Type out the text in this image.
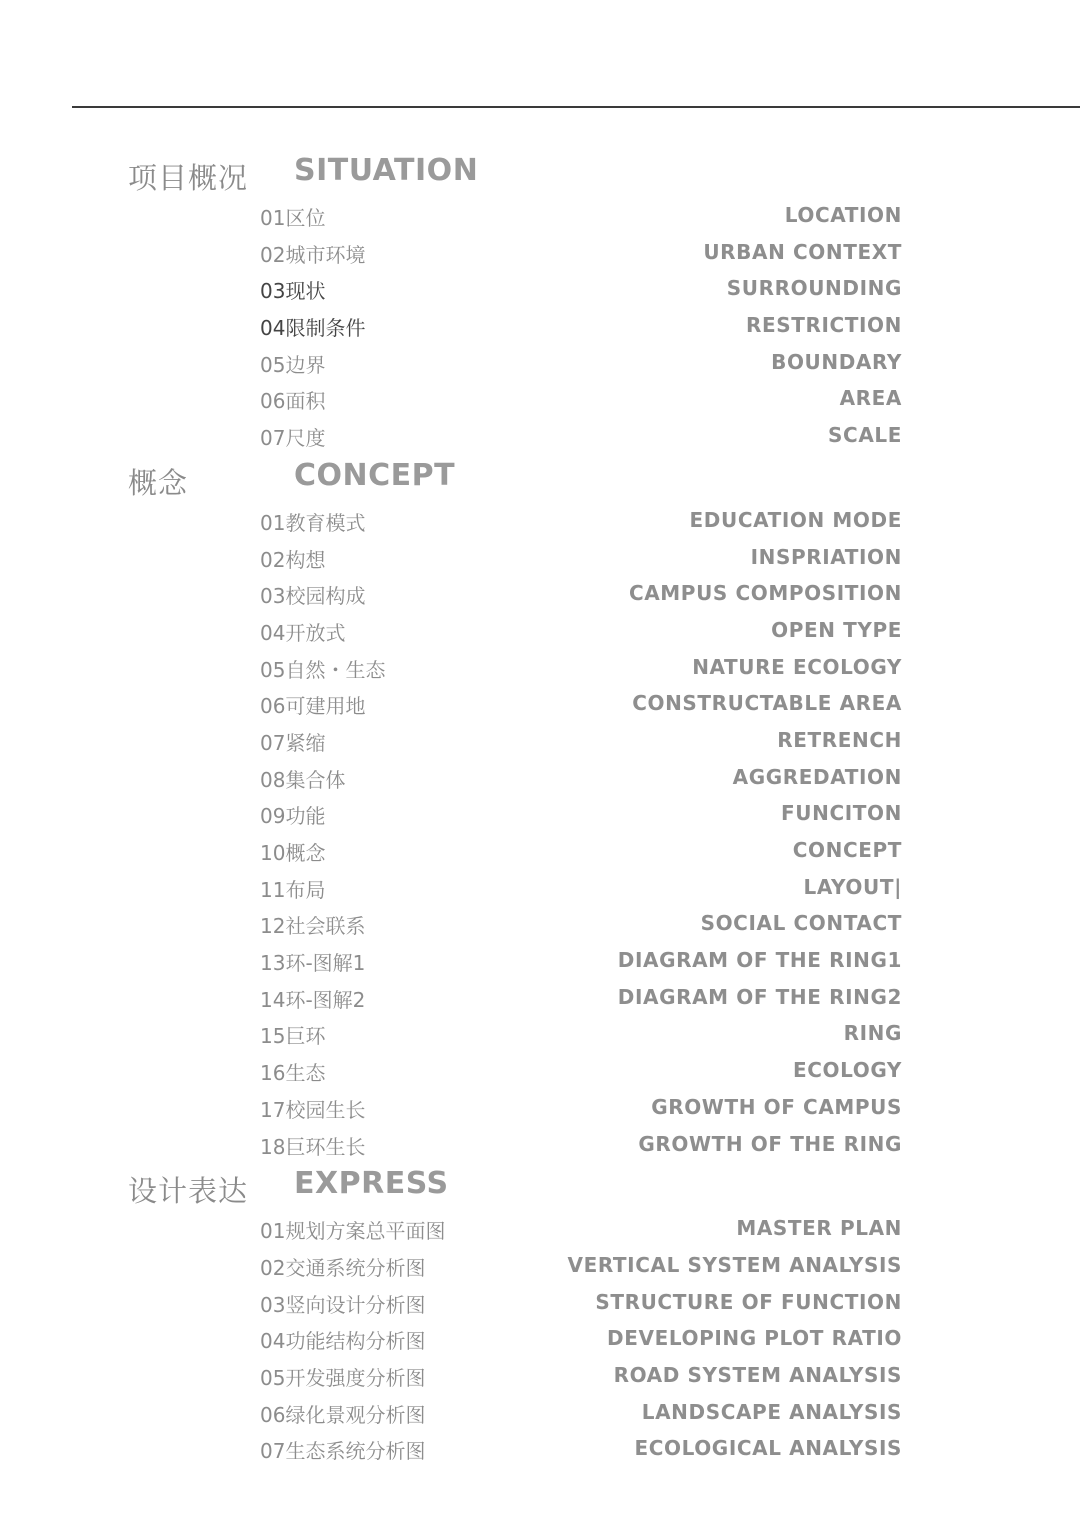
项目概况 SITUATION
01区位	LOCATION
02城市环境	URBAN CONTEXT
03现状	SURROUNDING
04限制条件	RESTRICTION
05边界	BOUNDARY
06面积	AREA
07尺度	SCALE
概念	CONCEPT
01教育模式	EDUCATION MODE
02构想	INSPRIATION
03校园构成	CAMPUS COMPOSITION
04开放式	OPEN TYPE
05自然・生态	NATURE ECOLOGY
06可建用地	CONSTRUCTABLE AREA
07紧缩	RETRENCH
08集合体	AGGREDATION
09功能	FUNCITON
10概念	CONCEPT
11布局	LAYOUT|
12社会联系	SOCIAL CONTACT
13环-图解1	DIAGRAM OF THE RING1
14环-图解2	DIAGRAM OF THE RING2
15巨环	RING
16生态	ECOLOGY
17校园生长	GROWTH OF CAMPUS
18巨环生长	GROWTH OF THE RING
设计表达 EXPRESS
01规划方案总平面图	MASTER PLAN
02交通系统分析图	VERTICAL SYSTEM ANALYSIS
03竖向设计分析图	STRUCTURE OF FUNCTION
04功能结构分析图	DEVELOPING PLOT RATIO
05开发强度分析图	ROAD SYSTEM ANALYSIS
06绿化景观分析图	LANDSCAPE ANALYSIS
07生态系统分析图	ECOLOGICAL ANALYSIS
